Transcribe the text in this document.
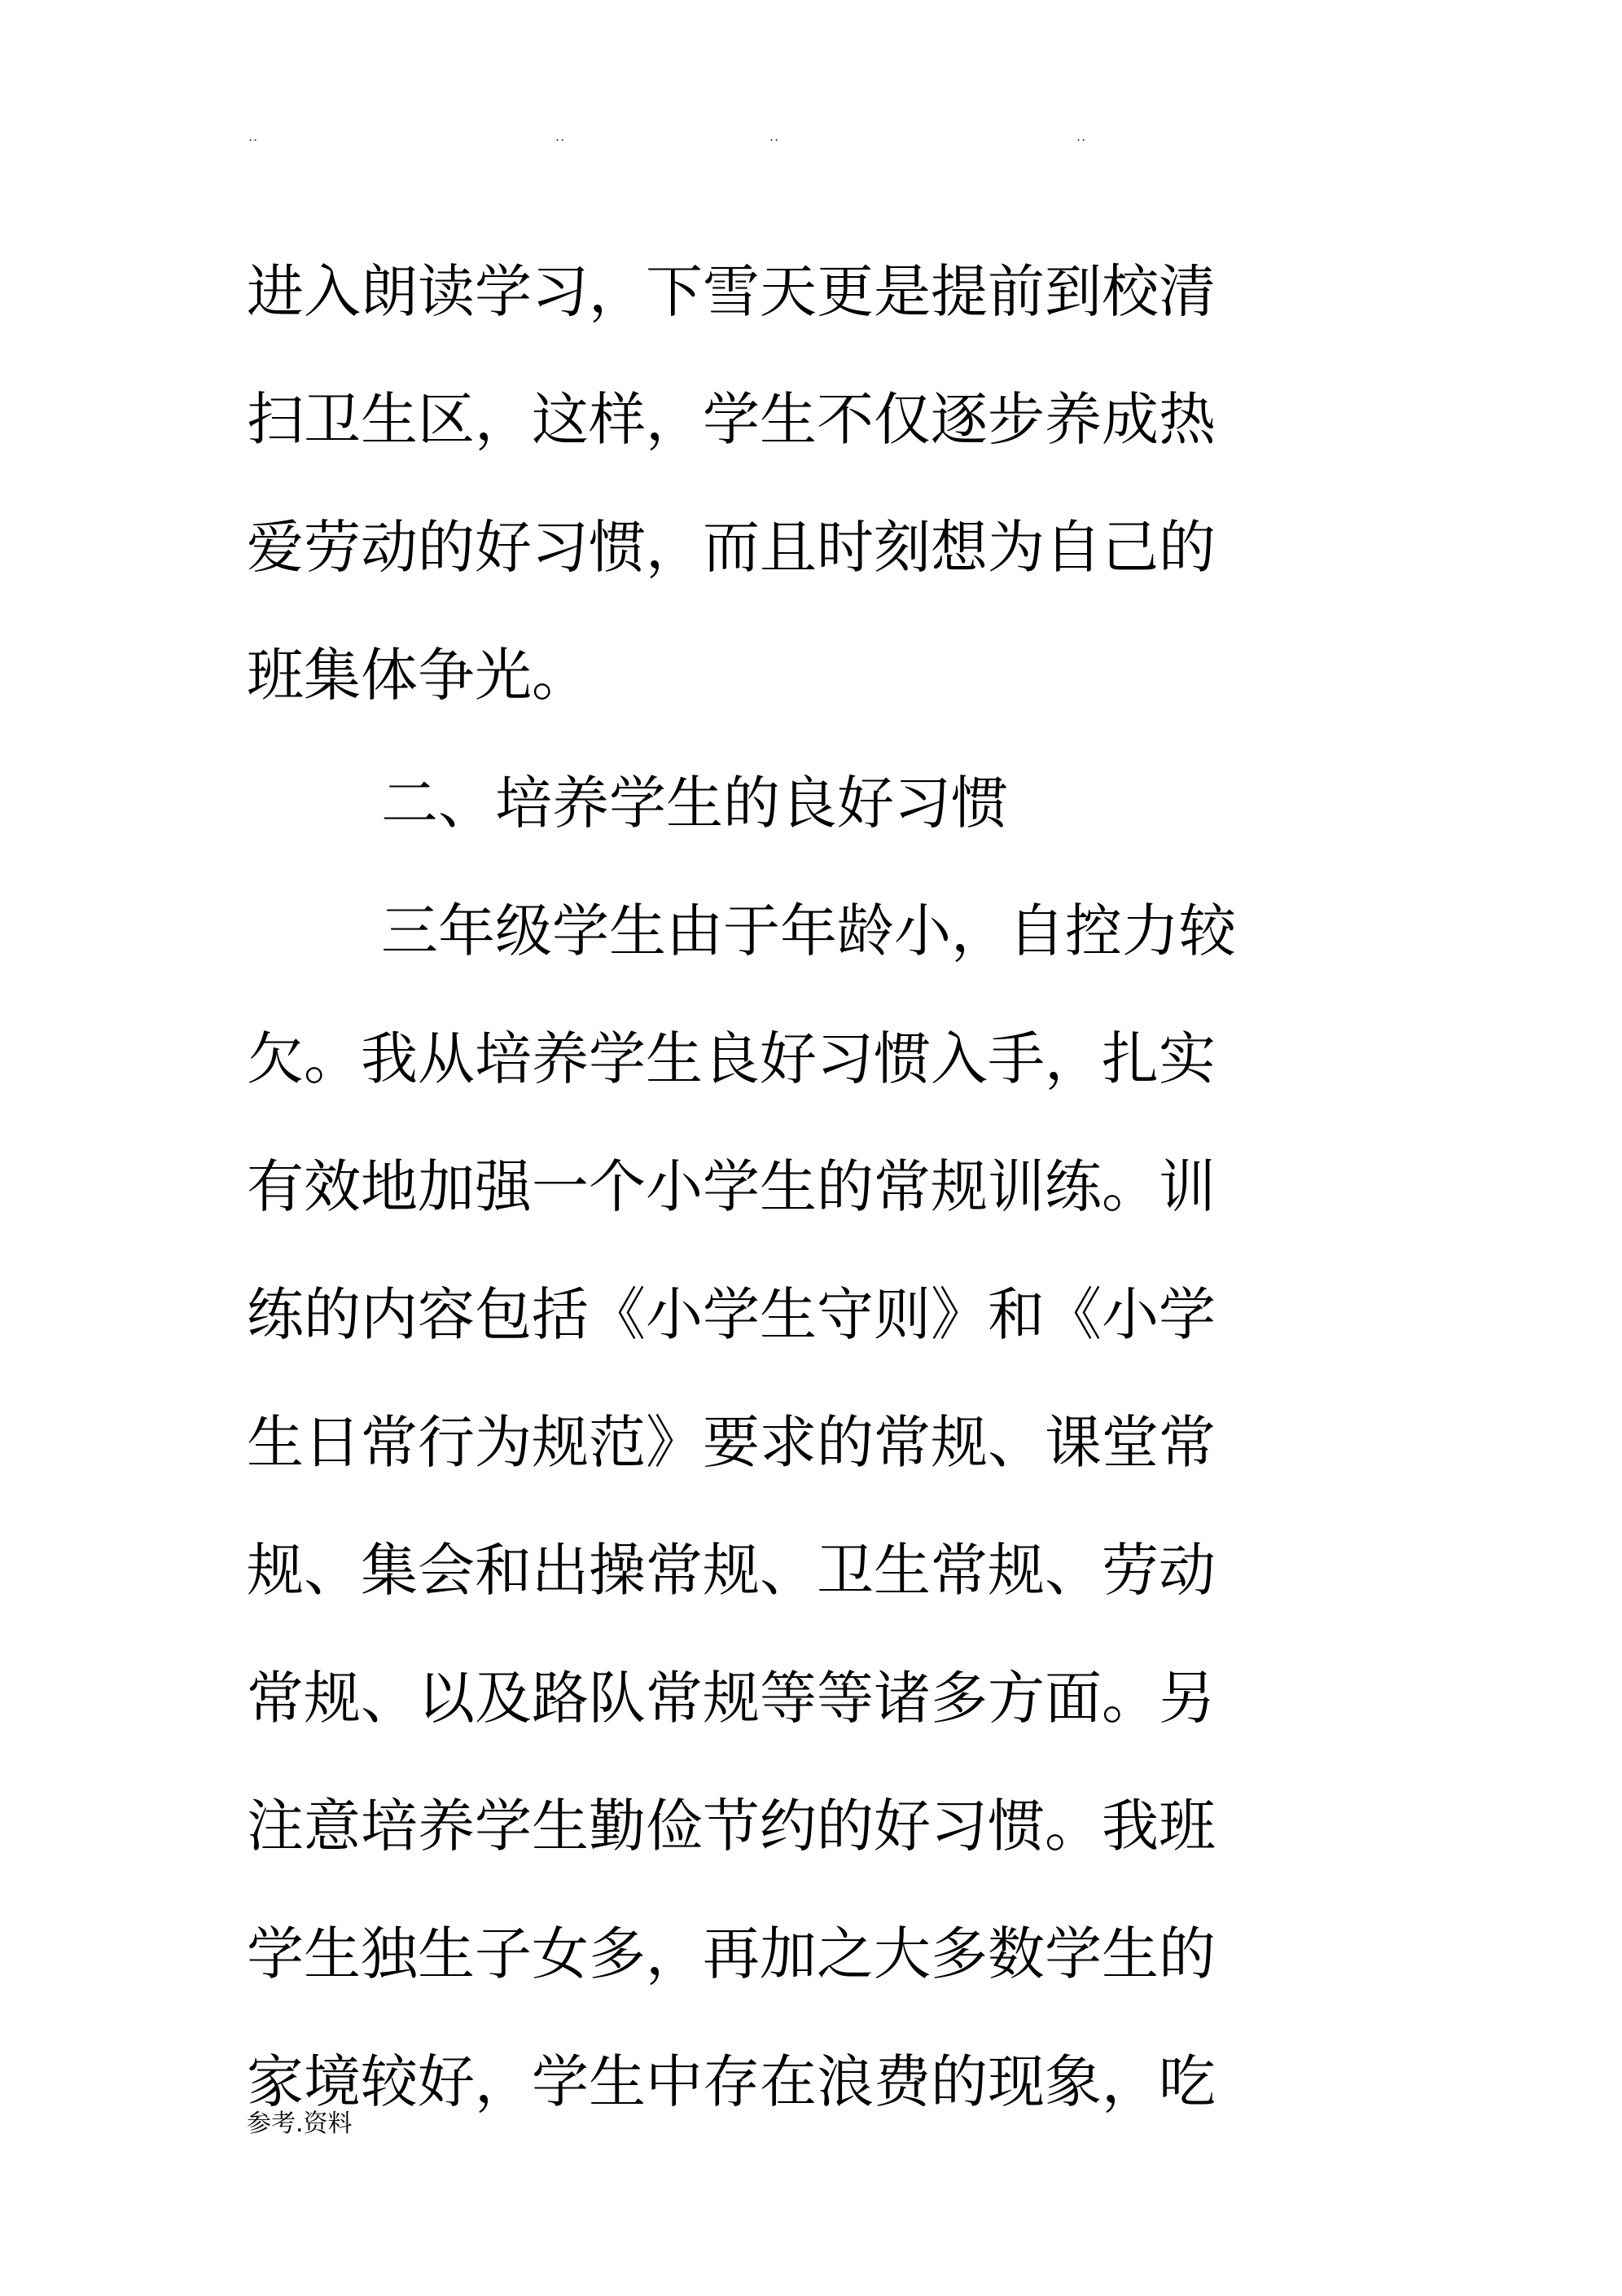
..	..	..	..
进入朗读学习，下雪天更是提前到校清
扫卫生区，这样，学生不仅逐步养成热
爱劳动的好习惯，而且时刻想为自己的
班集体争光。
二、培养学生的良好习惯
三年级学生由于年龄小，自控力较
欠。我从培养学生良好习惯入手，扎实
有效地加强一个小学生的常规训练。训
练的内容包括《小学生守则》和《小学
生日常行为规范》要求的常规、课堂常
规、集会和出操常规、卫生常规、劳动
常规、以及路队常规等等诸多方面。另
注意培养学生勤俭节约的好习惯。我班
学生独生子女多，再加之大多数学生的
家境较好，学生中存在浪费的现象，吃
参考.资料
